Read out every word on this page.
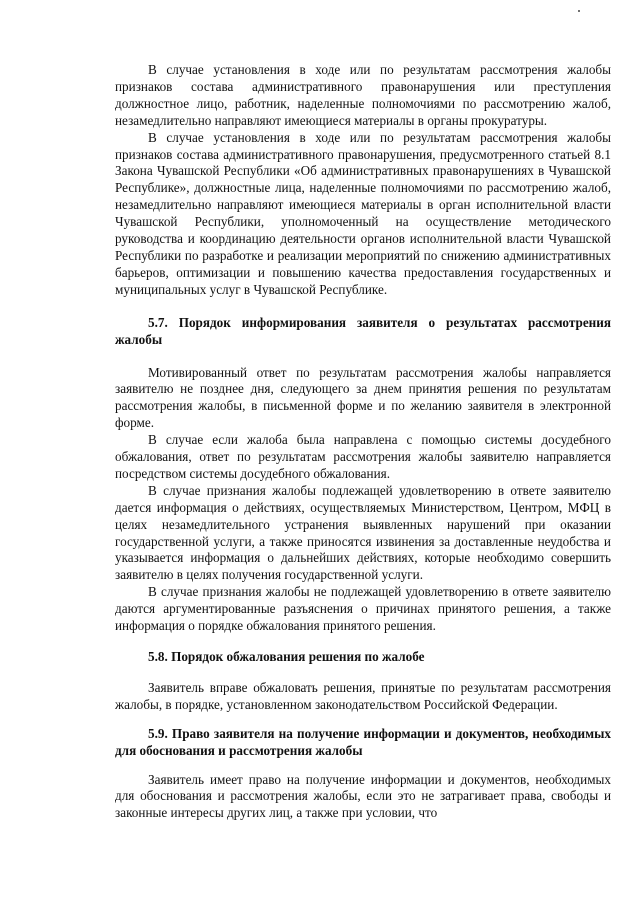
В случае установления в ходе или по результатам рассмотрения жалобы признаков состава административного правонарушения или преступления должностное лицо, работник, наделенные полномочиями по рассмотрению жалоб, незамедлительно направляют имеющиеся материалы в органы прокуратуры.

В случае установления в ходе или по результатам рассмотрения жалобы признаков состава административного правонарушения, предусмотренного статьей 8.1 Закона Чувашской Республики «Об административных правонарушениях в Чувашской Республике», должностные лица, наделенные полномочиями по рассмотрению жалоб, незамедлительно направляют имеющиеся материалы в орган исполнительной власти Чувашской Республики, уполномоченный на осуществление методического руководства и координацию деятельности органов исполнительной власти Чувашской Республики по разработке и реализации мероприятий по снижению административных барьеров, оптимизации и повышению качества предоставления государственных и муниципальных услуг в Чувашской Республике.

5.7. Порядок информирования заявителя о результатах рассмотрения жалобы

Мотивированный ответ по результатам рассмотрения жалобы направляется заявителю не позднее дня, следующего за днем принятия решения по результатам рассмотрения жалобы, в письменной форме и по желанию заявителя в электронной форме.

В случае если жалоба была направлена с помощью системы досудебного обжалования, ответ по результатам рассмотрения жалобы заявителю направляется посредством системы досудебного обжалования.

В случае признания жалобы подлежащей удовлетворению в ответе заявителю дается информация о действиях, осуществляемых Министерством, Центром, МФЦ в целях незамедлительного устранения выявленных нарушений при оказании государственной услуги, а также приносятся извинения за доставленные неудобства и указывается информация о дальнейших действиях, которые необходимо совершить заявителю в целях получения государственной услуги.

В случае признания жалобы не подлежащей удовлетворению в ответе заявителю даются аргументированные разъяснения о причинах принятого решения, а также информация о порядке обжалования принятого решения.

5.8. Порядок обжалования решения по жалобе

Заявитель вправе обжаловать решения, принятые по результатам рассмотрения жалобы, в порядке, установленном законодательством Российской Федерации.

5.9. Право заявителя на получение информации и документов, необходимых для обоснования и рассмотрения жалобы

Заявитель имеет право на получение информации и документов, необходимых для обоснования и рассмотрения жалобы, если это не затрагивает права, свободы и законные интересы других лиц, а также при условии, что
